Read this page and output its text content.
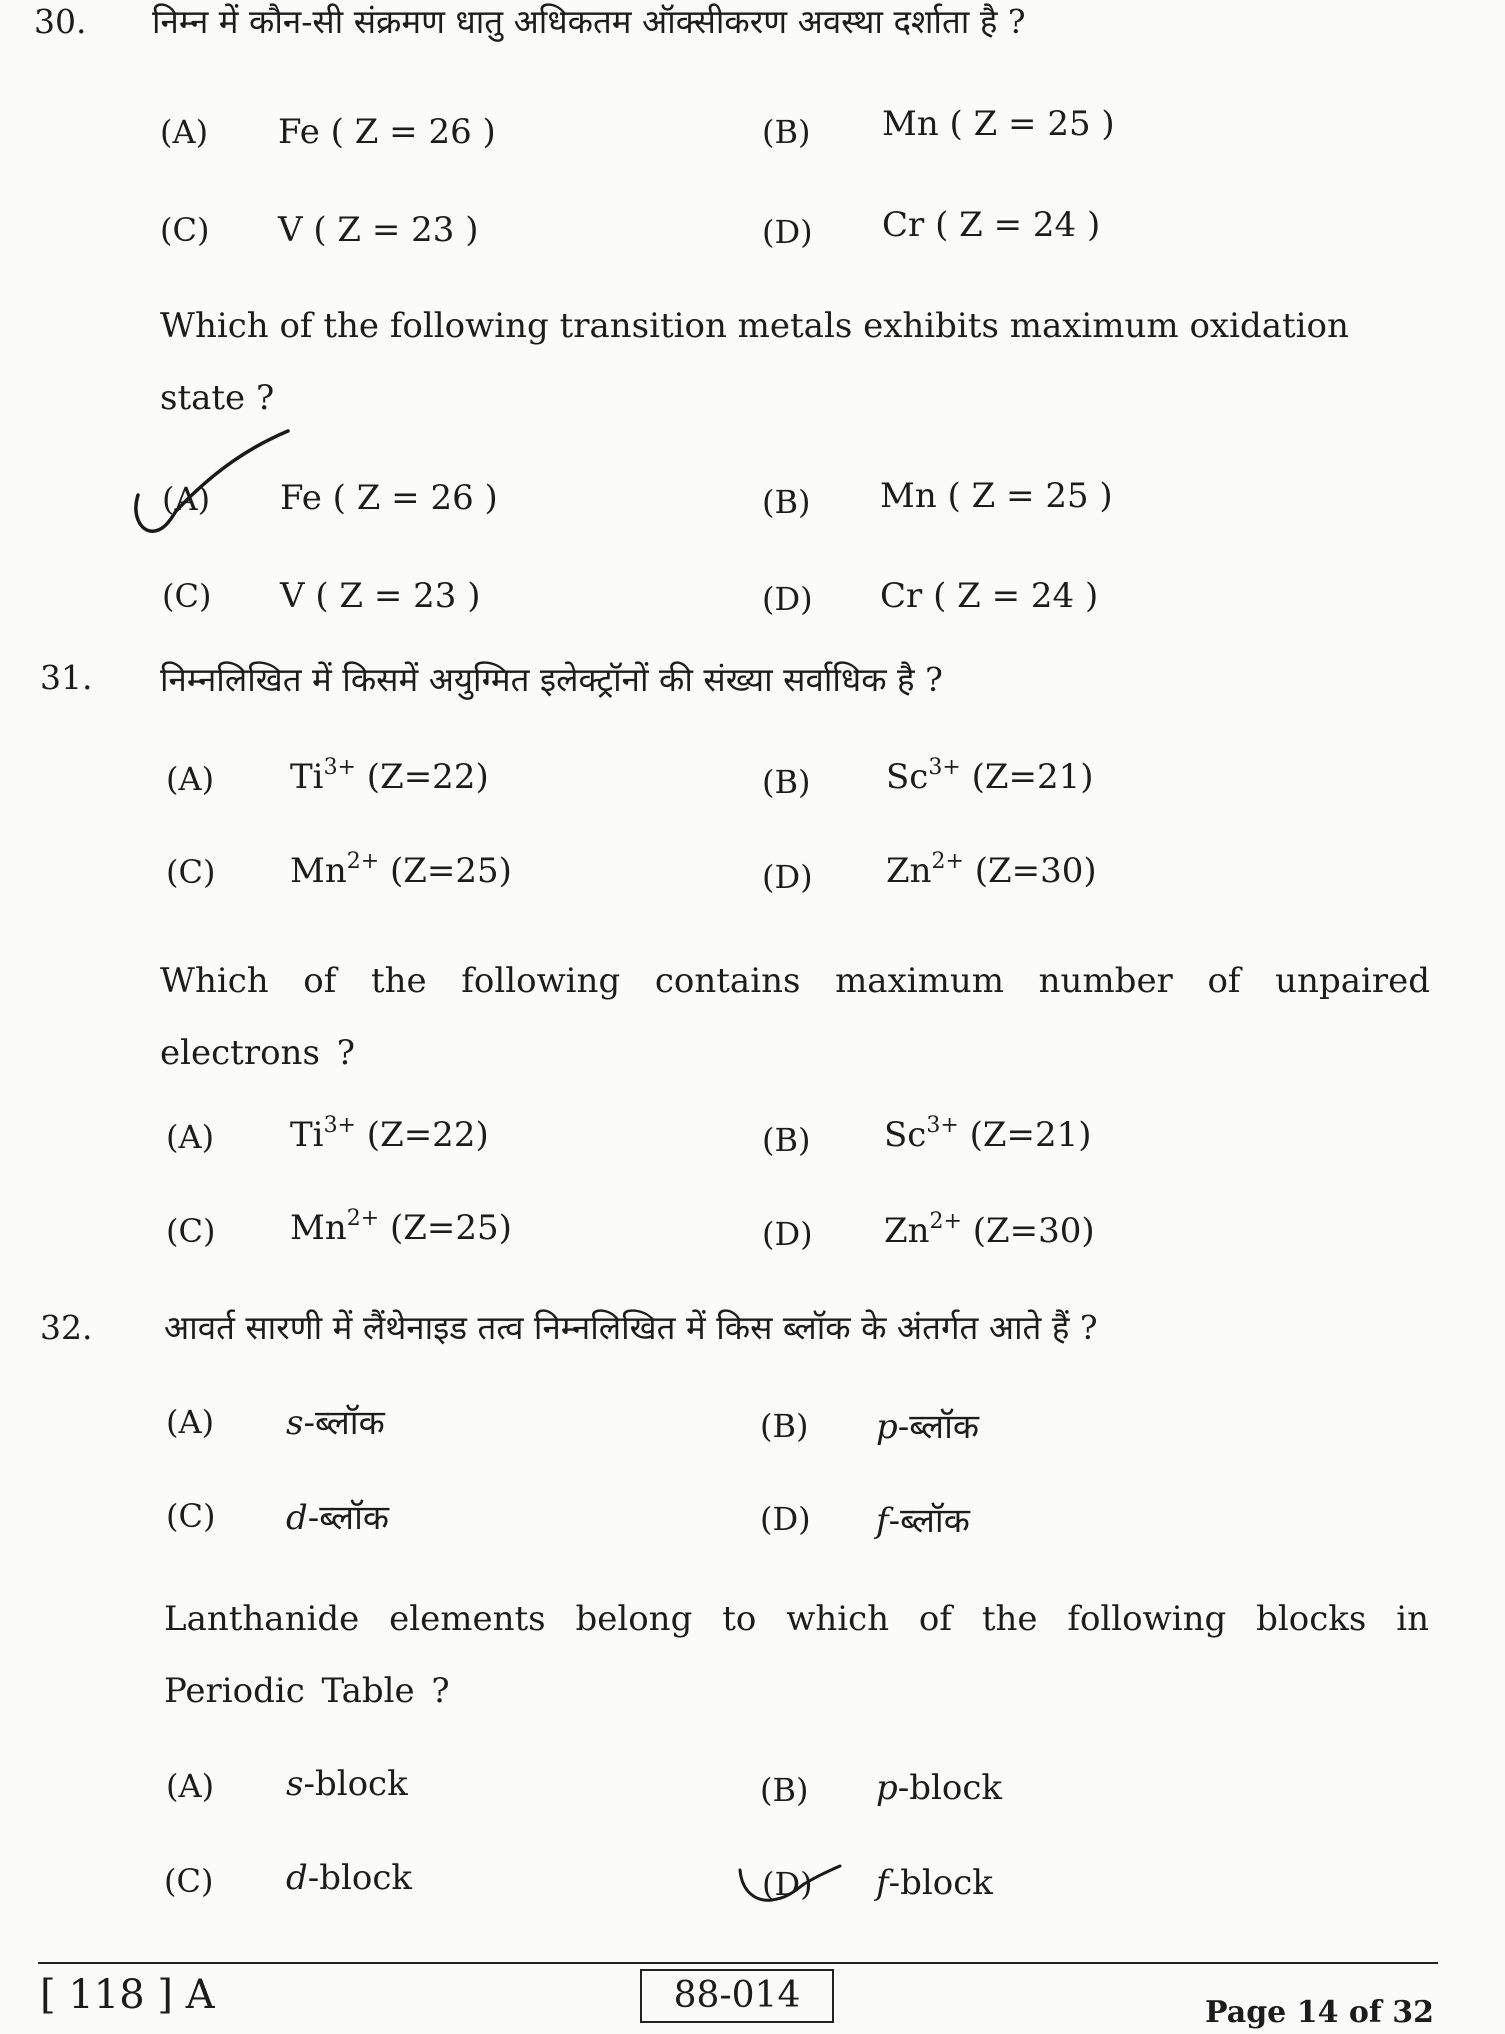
30. निम्न में कौन-सी संक्रमण धातु अधिकतम ऑक्सीकरण अवस्था दर्शाता है ?
(A) Fe ( Z = 26 )	(B) Mn ( Z = 25 )
(C) V ( Z = 23 )	(D) Cr ( Z = 24 )
Which of the following transition metals exhibits maximum oxidation
state ?
(A) Fe ( Z = 26 )	(B) Mn ( Z = 25 )
(C) V ( Z = 23 )	(D) Cr ( Z = 24 )
31. निम्नलिखित में किसमें अयुग्मित इलेक्ट्रॉनों की संख्या सर्वाधिक है ?
(A) $Ti^{3+}$ (Z=22)	(B) $Sc^{3+}$ (Z=21)
(C) $Mn^{2+}$ (Z=25)	(D) $Zn^{2+}$ (Z=30)
Which of the following contains maximum number of unpaired
electrons ?
(A) $Ti^{3+}$ (Z=22)	(B) $Sc^{3+}$ (Z=21)
(C) $Mn^{2+}$ (Z=25)	(D) $Zn^{2+}$ (Z=30)
32. आवर्त सारणी में लैंथेनाइड तत्व निम्नलिखित में किस ब्लॉक के अंतर्गत आते हैं ?
(A) s-ब्लॉक	(B) p-ब्लॉक
(C) d-ब्लॉक	(D) f-ब्लॉक
Lanthanide elements belong to which of the following blocks in
Periodic Table ?
(A) s-block	(B) p-block
(C) d-block	(D) f-block
[ 118 ] A	88-014	Page 14 of 32
